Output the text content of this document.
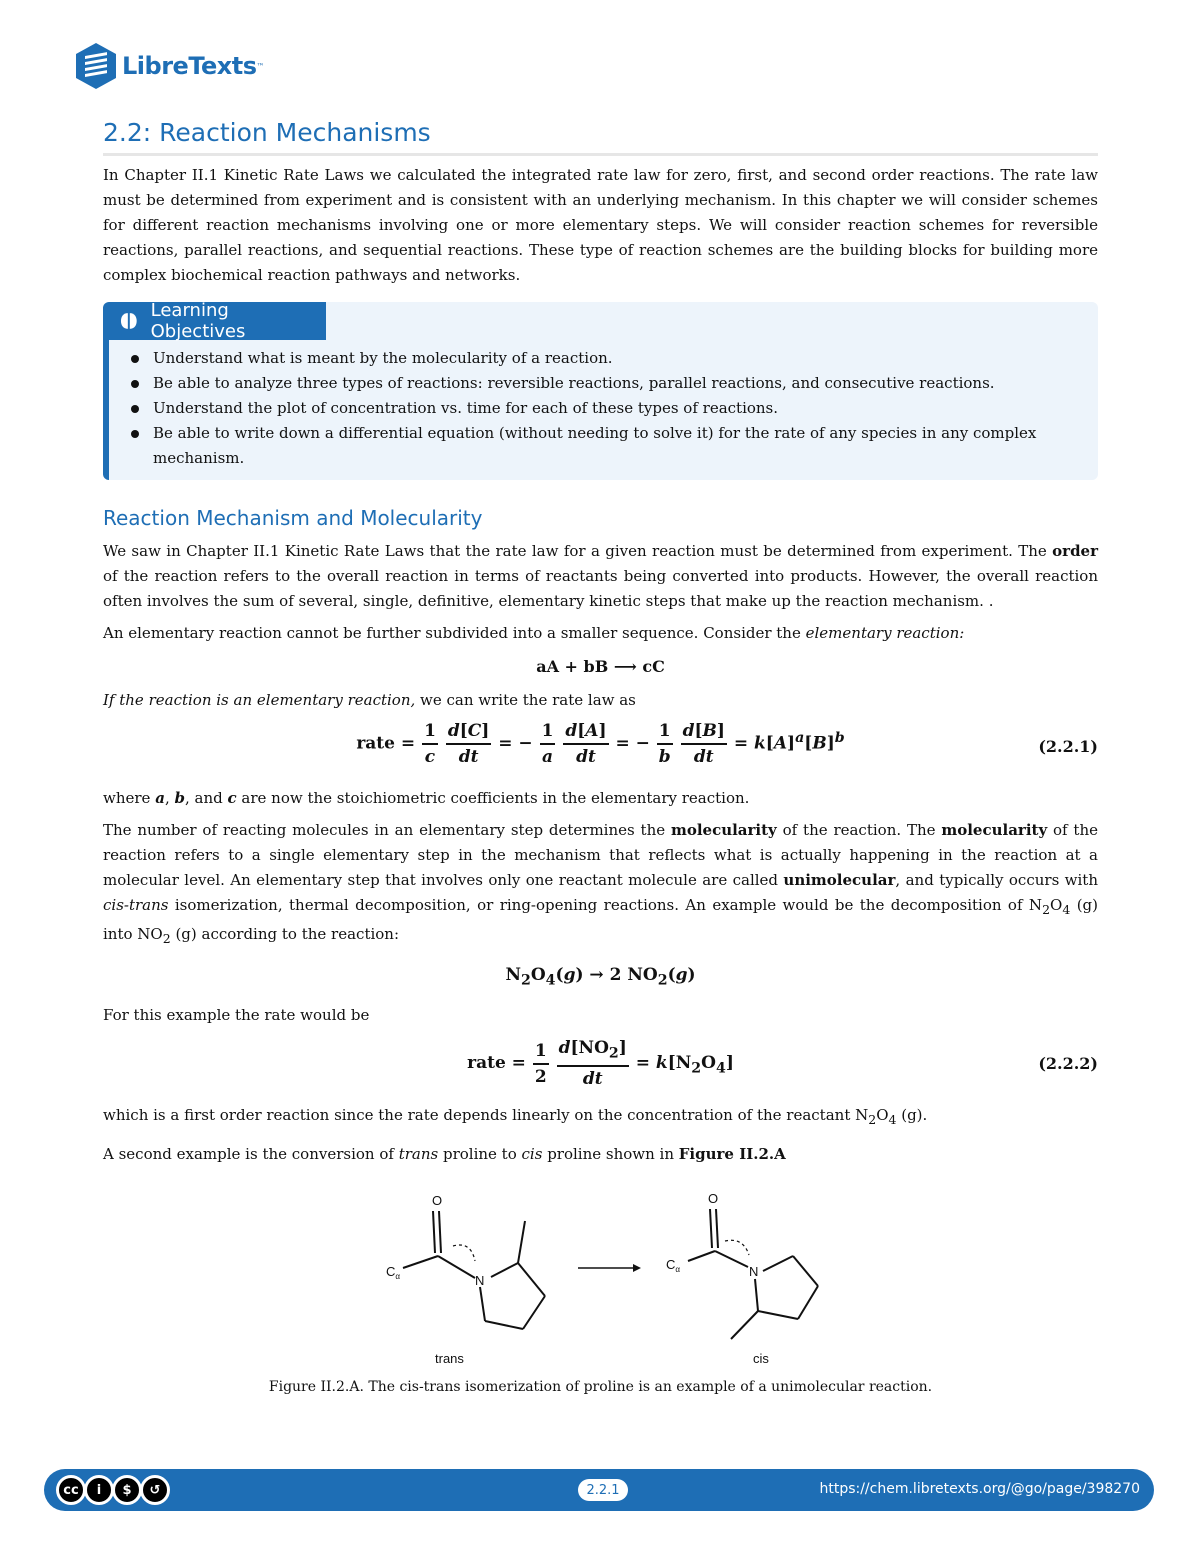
LibreTexts ™
2.2: Reaction Mechanisms

In Chapter II.1 Kinetic Rate Laws we calculated the integrated rate law for zero, first, and second order reactions. The rate law must be determined from experiment and is consistent with an underlying mechanism. In this chapter we will consider schemes for different reaction mechanisms involving one or more elementary steps. We will consider reaction schemes for reversible reactions, parallel reactions, and sequential reactions. These type of reaction schemes are the building blocks for building more complex biochemical reaction pathways and networks.

Learning Objectives
Understand what is meant by the molecularity of a reaction.
Be able to analyze three types of reactions: reversible reactions, parallel reactions, and consecutive reactions.
Understand the plot of concentration vs. time for each of these types of reactions.
Be able to write down a differential equation (without needing to solve it) for the rate of any species in any complex mechanism.
Reaction Mechanism and Molecularity

We saw in Chapter II.1 Kinetic Rate Laws that the rate law for a given reaction must be determined from experiment. The order of the reaction refers to the overall reaction in terms of reactants being converted into products. However, the overall reaction often involves the sum of several, single, definitive, elementary kinetic steps that make up the reaction mechanism. .

An elementary reaction cannot be further subdivided into a smaller sequence. Consider the elementary reaction:

aA + bB ⟶ cC

If the reaction is an elementary reaction, we can write the rate law as

rate = $\frac{1}{c}$
$\frac{d[C]}{dt}$ = − $\frac{1}{a}$
$\frac{d[A]}{dt}$ = − $\frac{1}{b}$
$\frac{d[B]}{dt} = k[A]^a[B]^b$	(2.2.1)

where a, b, and c are now the stoichiometric coefficients in the elementary reaction.

The number of reacting molecules in an elementary step determines the molecularity of the reaction. The molecularity of the reaction refers to a single elementary step in the mechanism that reflects what is actually happening in the reaction at a molecular level. An elementary step that involves only one reactant molecule are called unimolecular, and typically occurs with cis-trans isomerization, thermal decomposition, or ring-opening reactions. An example would be the decomposition of $N_2O_4$ (g) into $NO_2$ (g) according to the reaction:

$N_2O_4(g) \to 2$ $NO_2(g)$

For this example the rate would be

rate = $\frac{1}{2}$
$\frac{d[NO_2]}{dt} = k[N_2O_4]$	(2.2.2)

which is a first order reaction since the rate depends linearly on the concentration of the reactant $N_2O_4$ (g).

A second example is the conversion of trans proline to cis proline shown in Figure II.2.A

O
$C_\alpha$	N
trans
O
$C_\alpha$	N
cis

Figure II.2.A. The cis-trans isomerization of proline is an example of a unimolecular reaction.

cc	i	$	↺	2.2.1	https://chem.libretexts.org/@go/page/398270
